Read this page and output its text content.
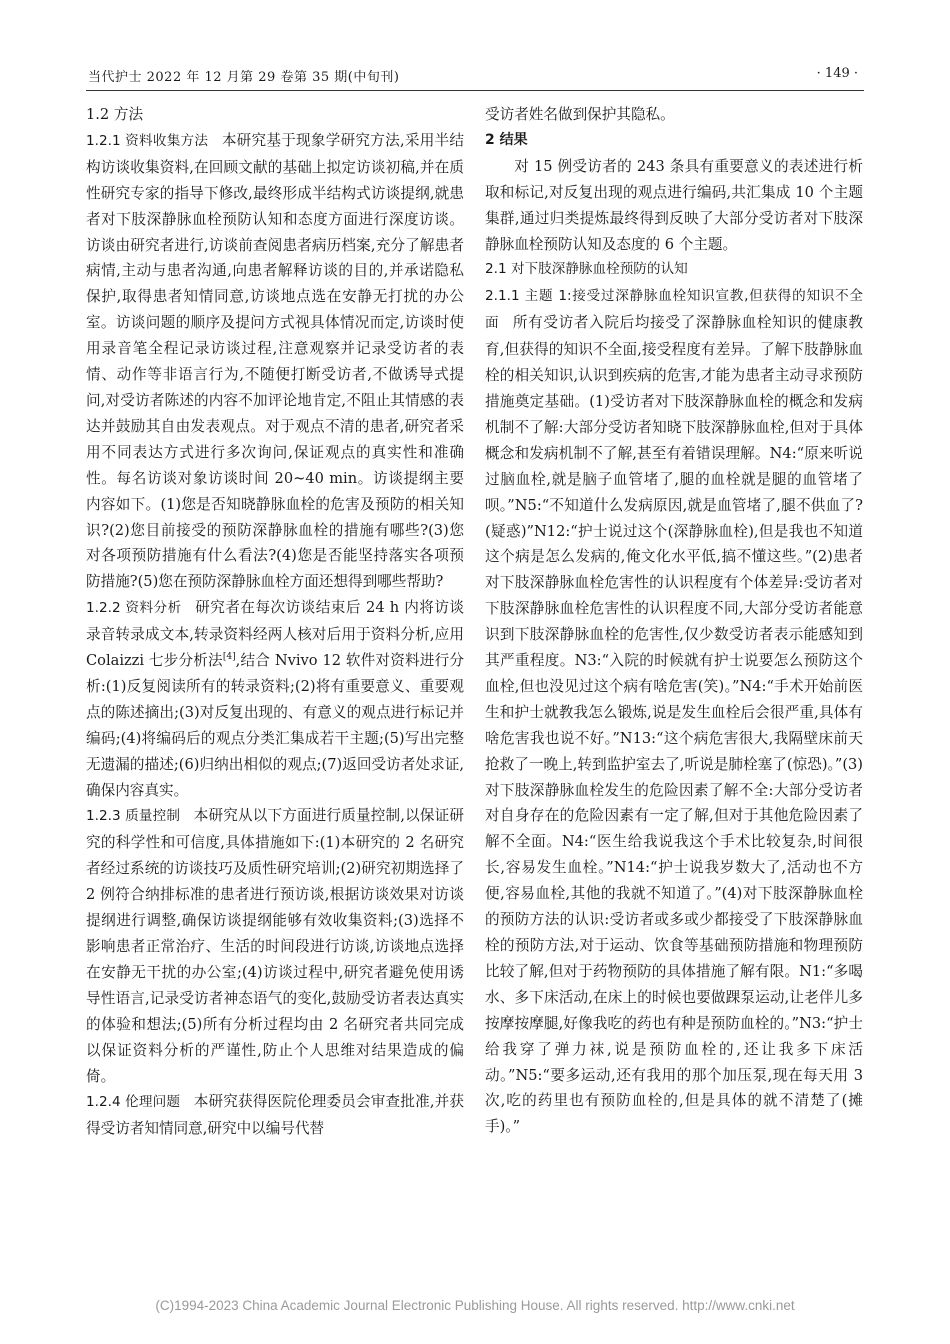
当代护士 2022 年 12 月第 29 卷第 35 期(中旬刊)	· 149 ·
1.2 方法

1.2.1 资料收集方法 本研究基于现象学研究方法,采用半结构访谈收集资料,在回顾文献的基础上拟定访谈初稿,并在质性研究专家的指导下修改,最终形成半结构式访谈提纲,就患者对下肢深静脉血栓预防认知和态度方面进行深度访谈。访谈由研究者进行,访谈前查阅患者病历档案,充分了解患者病情,主动与患者沟通,向患者解释访谈的目的,并承诺隐私保护,取得患者知情同意,访谈地点选在安静无打扰的办公室。访谈问题的顺序及提问方式视具体情况而定,访谈时使用录音笔全程记录访谈过程,注意观察并记录受访者的表情、动作等非语言行为,不随便打断受访者,不做诱导式提问,对受访者陈述的内容不加评论地肯定,不阻止其情感的表达并鼓励其自由发表观点。对于观点不清的患者,研究者采用不同表达方式进行多次询问,保证观点的真实性和准确性。每名访谈对象访谈时间 20~40 min。访谈提纲主要内容如下。(1)您是否知晓静脉血栓的危害及预防的相关知识?(2)您目前接受的预防深静脉血栓的措施有哪些?(3)您对各项预防措施有什么看法?(4)您是否能坚持落实各项预防措施?(5)您在预防深静脉血栓方面还想得到哪些帮助?

1.2.2 资料分析 研究者在每次访谈结束后 24 h 内将访谈录音转录成文本,转录资料经两人核对后用于资料分析,应用 Colaizzi 七步分析法[4],结合 Nvivo 12 软件对资料进行分析:(1)反复阅读所有的转录资料;(2)将有重要意义、重要观点的陈述摘出;(3)对反复出现的、有意义的观点进行标记并编码;(4)将编码后的观点分类汇集成若干主题;(5)写出完整无遗漏的描述;(6)归纳出相似的观点;(7)返回受访者处求证,确保内容真实。

1.2.3 质量控制 本研究从以下方面进行质量控制,以保证研究的科学性和可信度,具体措施如下:(1)本研究的 2 名研究者经过系统的访谈技巧及质性研究培训;(2)研究初期选择了 2 例符合纳排标准的患者进行预访谈,根据访谈效果对访谈提纲进行调整,确保访谈提纲能够有效收集资料;(3)选择不影响患者正常治疗、生活的时间段进行访谈,访谈地点选择在安静无干扰的办公室;(4)访谈过程中,研究者避免使用诱导性语言,记录受访者神态语气的变化,鼓励受访者表达真实的体验和想法;(5)所有分析过程均由 2 名研究者共同完成以保证资料分析的严谨性,防止个人思维对结果造成的偏倚。

1.2.4 伦理问题 本研究获得医院伦理委员会审查批准,并获得受访者知情同意,研究中以编号代替

受访者姓名做到保护其隐私。

2 结果

对 15 例受访者的 243 条具有重要意义的表述进行析取和标记,对反复出现的观点进行编码,共汇集成 10 个主题集群,通过归类提炼最终得到反映了大部分受访者对下肢深静脉血栓预防认知及态度的 6 个主题。

2.1 对下肢深静脉血栓预防的认知

2.1.1 主题 1:接受过深静脉血栓知识宣教,但获得的知识不全面 所有受访者入院后均接受了深静脉血栓知识的健康教育,但获得的知识不全面,接受程度有差异。了解下肢静脉血栓的相关知识,认识到疾病的危害,才能为患者主动寻求预防措施奠定基础。(1)受访者对下肢深静脉血栓的概念和发病机制不了解:大部分受访者知晓下肢深静脉血栓,但对于具体概念和发病机制不了解,甚至有着错误理解。N4:“原来听说过脑血栓,就是脑子血管堵了,腿的血栓就是腿的血管堵了呗。”N5:“不知道什么发病原因,就是血管堵了,腿不供血了?(疑惑)”N12:“护士说过这个(深静脉血栓),但是我也不知道这个病是怎么发病的,俺文化水平低,搞不懂这些。”(2)患者对下肢深静脉血栓危害性的认识程度有个体差异:受访者对下肢深静脉血栓危害性的认识程度不同,大部分受访者能意识到下肢深静脉血栓的危害性,仅少数受访者表示能感知到其严重程度。N3:“入院的时候就有护士说要怎么预防这个血栓,但也没见过这个病有啥危害(笑)。”N4:“手术开始前医生和护士就教我怎么锻炼,说是发生血栓后会很严重,具体有啥危害我也说不好。”N13:“这个病危害很大,我隔壁床前天抢救了一晚上,转到监护室去了,听说是肺栓塞了(惊恐)。”(3)对下肢深静脉血栓发生的危险因素了解不全:大部分受访者对自身存在的危险因素有一定了解,但对于其他危险因素了解不全面。N4:“医生给我说我这个手术比较复杂,时间很长,容易发生血栓。”N14:“护士说我岁数大了,活动也不方便,容易血栓,其他的我就不知道了。”(4)对下肢深静脉血栓的预防方法的认识:受访者或多或少都接受了下肢深静脉血栓的预防方法,对于运动、饮食等基础预防措施和物理预防比较了解,但对于药物预防的具体措施了解有限。N1:“多喝水、多下床活动,在床上的时候也要做踝泵运动,让老伴儿多按摩按摩腿,好像我吃的药也有种是预防血栓的。”N3:“护士给我穿了弹力袜,说是预防血栓的,还让我多下床活动。”N5:“要多运动,还有我用的那个加压泵,现在每天用 3 次,吃的药里也有预防血栓的,但是具体的就不清楚了(摊手)。”

(C)1994-2023 China Academic Journal Electronic Publishing House. All rights reserved. http://www.cnki.net
